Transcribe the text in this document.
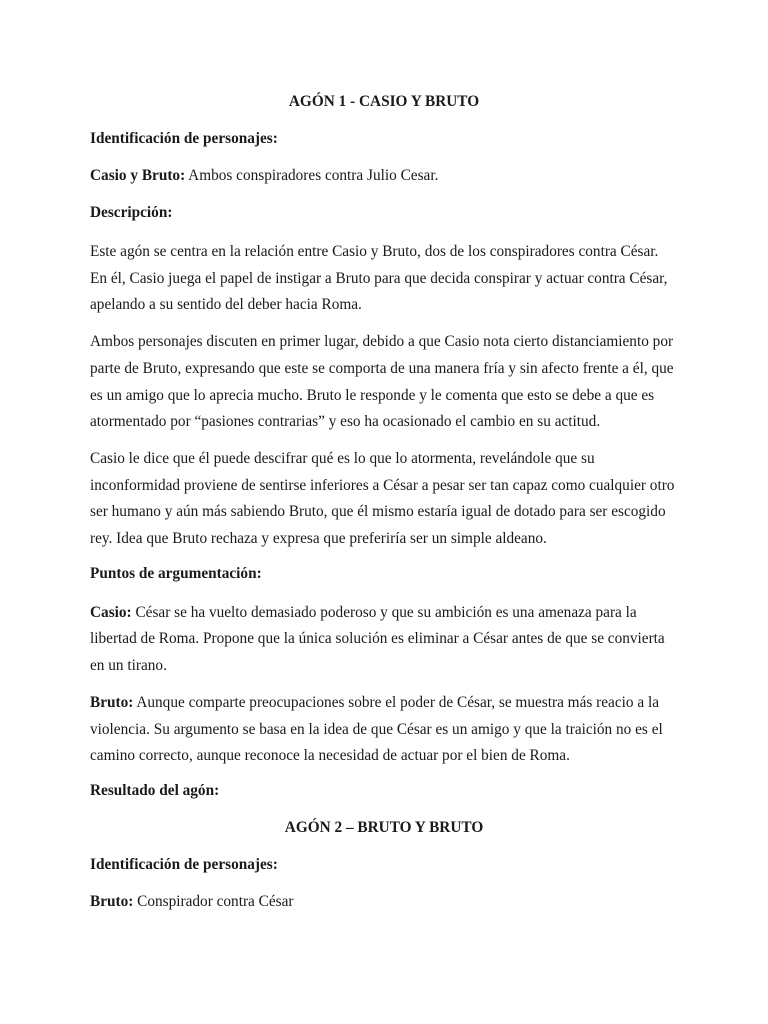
AGÓN 1 - CASIO Y BRUTO
Identificación de personajes:
Casio y Bruto: Ambos conspiradores contra Julio Cesar.
Descripción:
Este agón se centra en la relación entre Casio y Bruto, dos de los conspiradores contra César. En él, Casio juega el papel de instigar a Bruto para que decida conspirar y actuar contra César, apelando a su sentido del deber hacia Roma.
Ambos personajes discuten en primer lugar, debido a que Casio nota cierto distanciamiento por parte de Bruto, expresando que este se comporta de una manera fría y sin afecto frente a él, que es un amigo que lo aprecia mucho. Bruto le responde y le comenta que esto se debe a que es atormentado por “pasiones contrarias” y eso ha ocasionado el cambio en su actitud.
Casio le dice que él puede descifrar qué es lo que lo atormenta, revelándole que su inconformidad proviene de sentirse inferiores a César a pesar ser tan capaz como cualquier otro ser humano y aún más sabiendo Bruto, que él mismo estaría igual de dotado para ser escogido rey. Idea que Bruto rechaza y expresa que preferiría ser un simple aldeano.
Puntos de argumentación:
Casio: César se ha vuelto demasiado poderoso y que su ambición es una amenaza para la libertad de Roma. Propone que la única solución es eliminar a César antes de que se convierta en un tirano.
Bruto: Aunque comparte preocupaciones sobre el poder de César, se muestra más reacio a la violencia. Su argumento se basa en la idea de que César es un amigo y que la traición no es el camino correcto, aunque reconoce la necesidad de actuar por el bien de Roma.
Resultado del agón:
AGÓN 2 – BRUTO Y BRUTO
Identificación de personajes:
Bruto: Conspirador contra César
